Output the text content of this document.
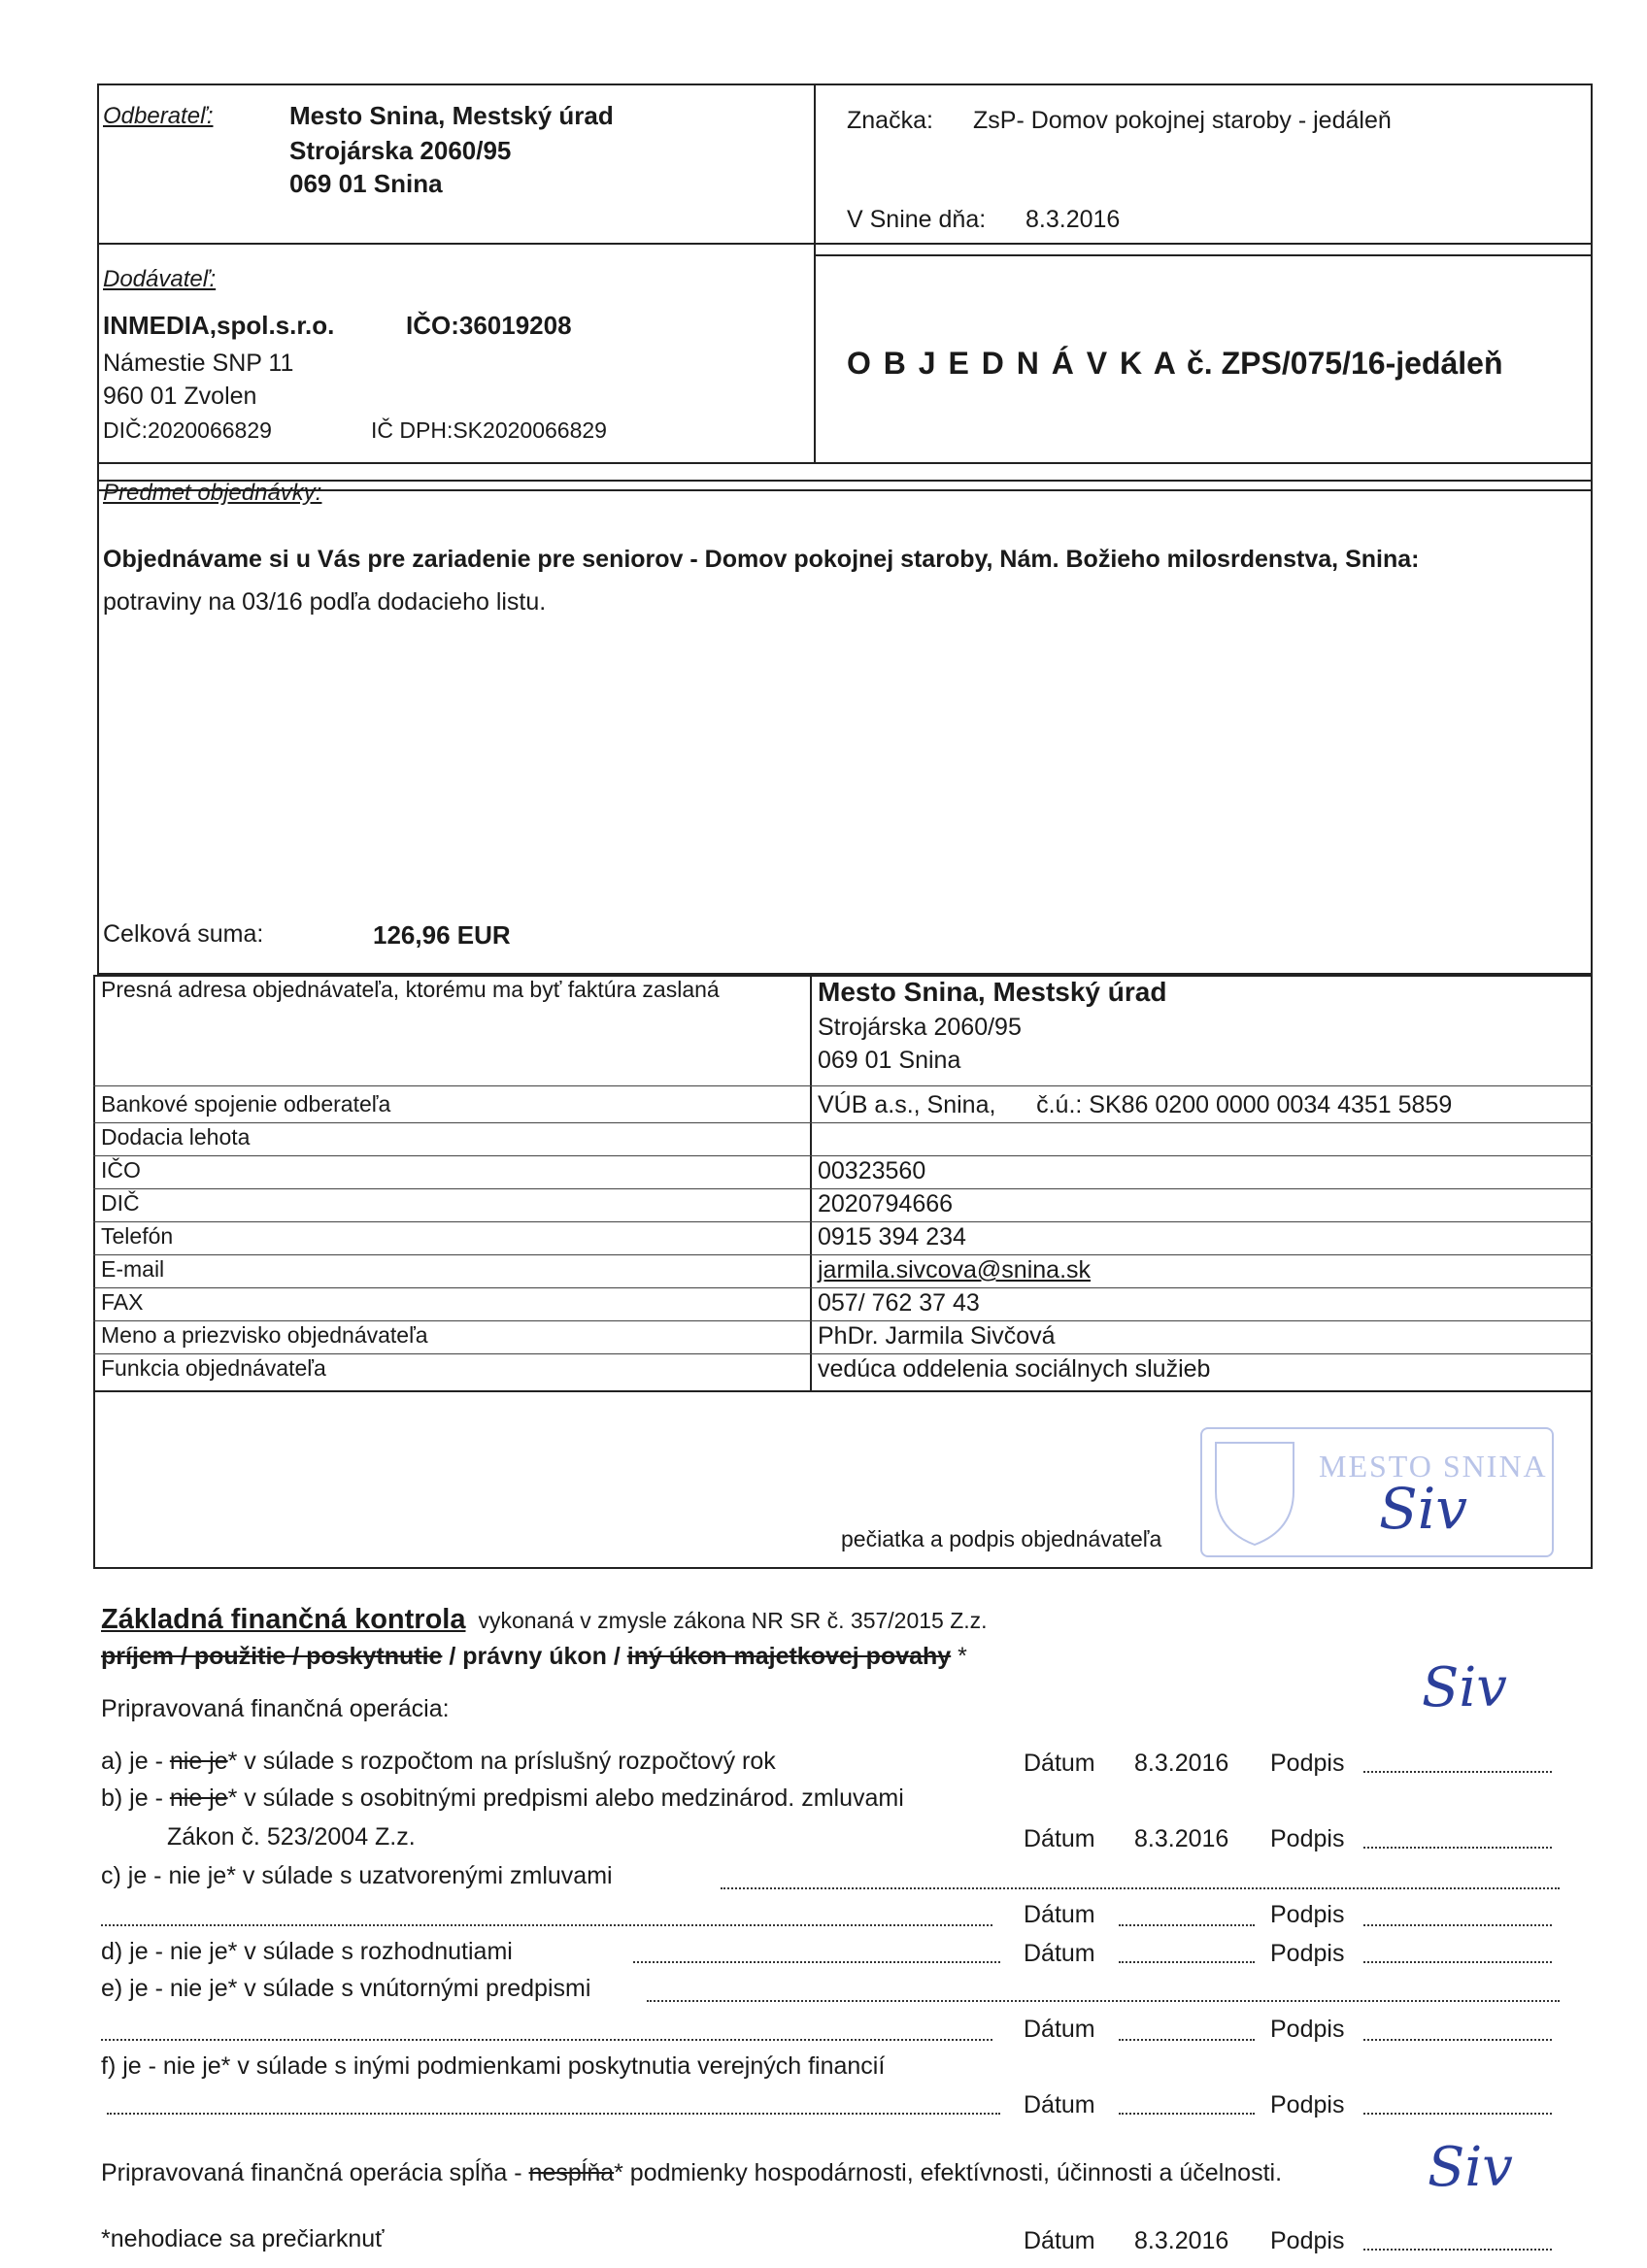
Odberateľ:	Mesto Snina, Mestský úrad
Strojárska 2060/95
069 01 Snina
Značka: ZsP- Domov pokojnej staroby - jedáleň
V Snine dňa: 8.3.2016
Dodávateľ:
INMEDIA,spol.s.r.o.	IČO:36019208
Námestie SNP 11
960 01 Zvolen
DIČ:2020066829	IČ DPH:SK2020066829
O B J E D N Á V K A č. ZPS/075/16-jedáleň
Predmet objednávky:
Objednávame si u Vás pre zariadenie pre seniorov - Domov pokojnej staroby, Nám. Božieho milosrdenstva, Snina:
potraviny na 03/16 podľa dodacieho listu.
Celková suma:	126,96 EUR
Presná adresa objednávateľa, ktorému ma byť faktúra zaslaná	Mesto Snina, Mestský úrad
Strojárska 2060/95
069 01 Snina
Bankové spojenie odberateľa	VÚB a.s., Snina,      č.ú.: SK86 0200 0000 0034 4351 5859
Dodacia lehota
IČO	00323560
DIČ	2020794666
Telefón	0915 394 234
E-mail	jarmila.sivcova@snina.sk
FAX	057/ 762 37 43
Meno a priezvisko objednávateľa	PhDr. Jarmila Sivčová
Funkcia objednávateľa	vedúca oddelenia sociálnych služieb
MESTO SNINA
pečiatka a podpis objednávateľa	Siv
Základná finančná kontrola vykonaná v zmysle zákona NR SR č. 357/2015 Z.z.
príjem / použitie / poskytnutie / právny úkon / iný úkon majetkovej povahy *
Pripravovaná finančná operácia:	Siv
a) je - nie je* v súlade s rozpočtom na príslušný rozpočtový rok	Dátum 8.3.2016 Podpis
b) je - nie je* v súlade s osobitnými predpismi alebo medzinárod. zmluvami
Zákon č. 523/2004 Z.z.	Dátum 8.3.2016 Podpis
c) je - nie je* v súlade s uzatvorenými zmluvami
Dátum	Podpis
d) je - nie je* v súlade s rozhodnutiami	Dátum	Podpis
e) je - nie je* v súlade s vnútornými predpismi
Dátum	Podpis
f) je - nie je* v súlade s inými podmienkami poskytnutia verejných financií
Dátum	Podpis
Pripravovaná finančná operácia spĺňa - nespĺňa* podmienky hospodárnosti, efektívnosti, účinnosti a účelnosti.	Siv
*nehodiace sa prečiarknuť	Dátum 8.3.2016 Podpis
